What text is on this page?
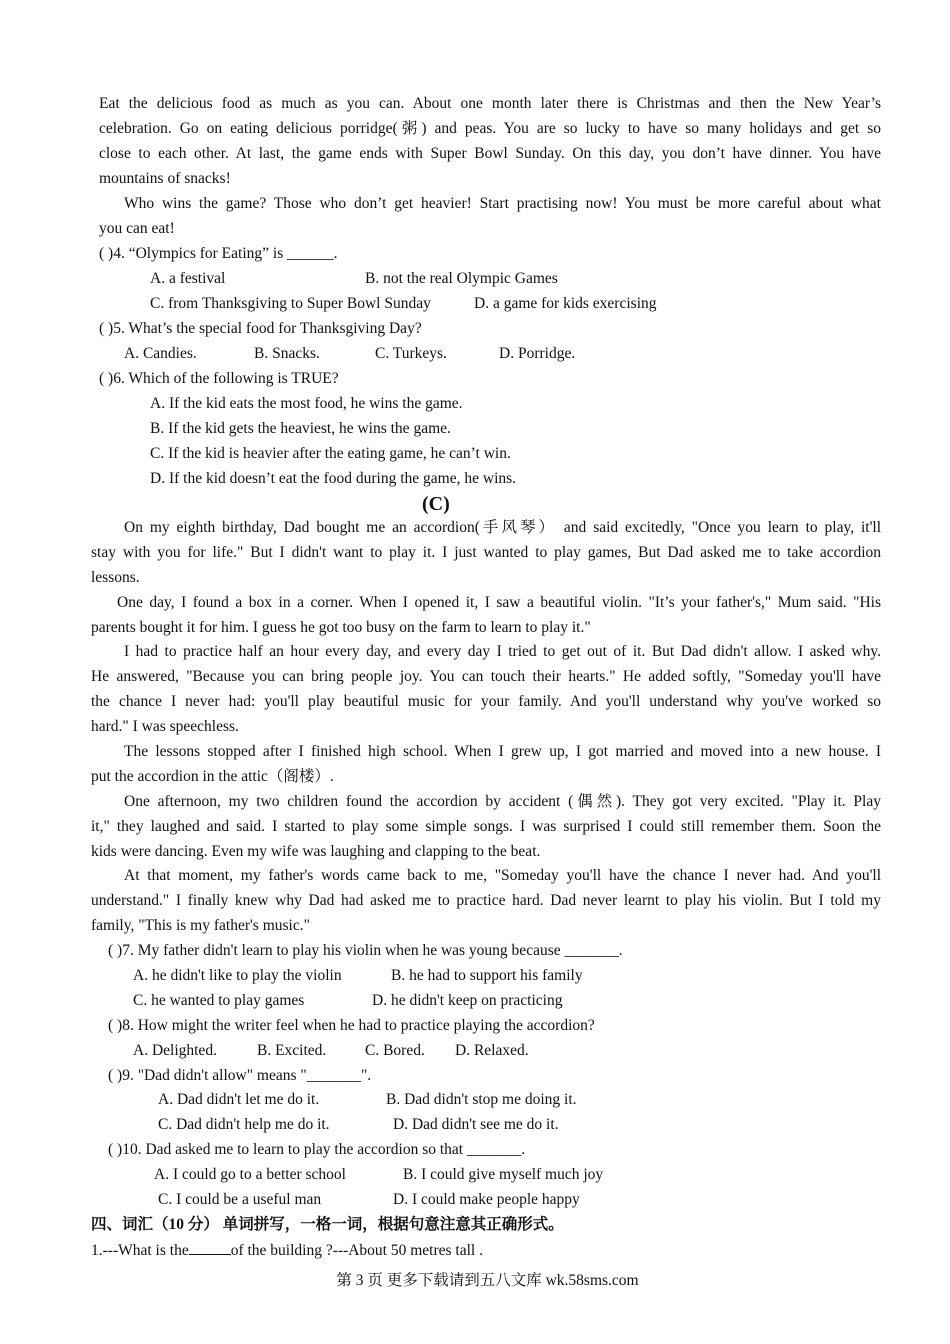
Eat the delicious food as much as you can. About one month later there is Christmas and then the New Year’s
celebration. Go on eating delicious porridge(粥) and peas. You are so lucky to have so many holidays and get so
close to each other. At last, the game ends with Super Bowl Sunday. On this day, you don’t have dinner. You have
mountains of snacks!
Who wins the game? Those who don’t get heavier! Start practising now! You must be more careful about what
you can eat!
( )4. “Olympics for Eating” is ______.
A. a festival	B. not the real Olympic Games
C. from Thanksgiving to Super Bowl Sunday	D. a game for kids exercising
( )5. What’s the special food for Thanksgiving Day?
A. Candies.	B. Snacks.	C. Turkeys.	D. Porridge.
( )6. Which of the following is TRUE?
A. If the kid eats the most food, he wins the game.
B. If the kid gets the heaviest, he wins the game.
C. If the kid is heavier after the eating game, he can’t win.
D. If the kid doesn’t eat the food during the game, he wins.
(C)
On my eighth birthday, Dad bought me an accordion(手风琴） and said excitedly, "Once you learn to play, it'll
stay with you for life." But I didn't want to play it. I just wanted to play games, But Dad asked me to take accordion
lessons.
One day, I found a box in a corner. When I opened it, I saw a beautiful violin. "It’s your father's," Mum said. "His
parents bought it for him. I guess he got too busy on the farm to learn to play it."
I had to practice half an hour every day, and every day I tried to get out of it. But Dad didn't allow. I asked why.
He answered, "Because you can bring people joy. You can touch their hearts." He added softly, "Someday you'll have
the chance I never had: you'll play beautiful music for your family. And you'll understand why you've worked so
hard." I was speechless.
The lessons stopped after I finished high school. When I grew up, I got married and moved into a new house. I
put the accordion in the attic（阁楼）.
One afternoon, my two children found the accordion by accident (偶然). They got very excited. "Play it. Play
it," they laughed and said. I started to play some simple songs. I was surprised I could still remember them. Soon the
kids were dancing. Even my wife was laughing and clapping to the beat.
At that moment, my father's words came back to me, "Someday you'll have the chance I never had. And you'll
understand." I finally knew why Dad had asked me to practice hard. Dad never learnt to play his violin. But I told my
family, "This is my father's music."
( )7. My father didn't learn to play his violin when he was young because _______.
A. he didn't like to play the violin	B. he had to support his family
C. he wanted to play games	D. he didn't keep on practicing
( )8. How might the writer feel when he had to practice playing the accordion?
A. Delighted.	B. Excited. C. Bored. D. Relaxed.
( )9. "Dad didn't allow" means "_______".
A. Dad didn't let me do it.	B. Dad didn't stop me doing it.
C. Dad didn't help me do it.	D. Dad didn't see me do it.
( )10. Dad asked me to learn to play the accordion so that _______.
A. I could go to a better school	B. I could give myself much joy
C. I could be a useful man	D. I could make people happy
四、词汇（10 分） 单词拼写，一格一词，根据句意注意其正确形式。
1.---What is the	of the building ?---About 50 metres tall .
第 3 页 更多下载请到五八文库 wk.58sms.com
